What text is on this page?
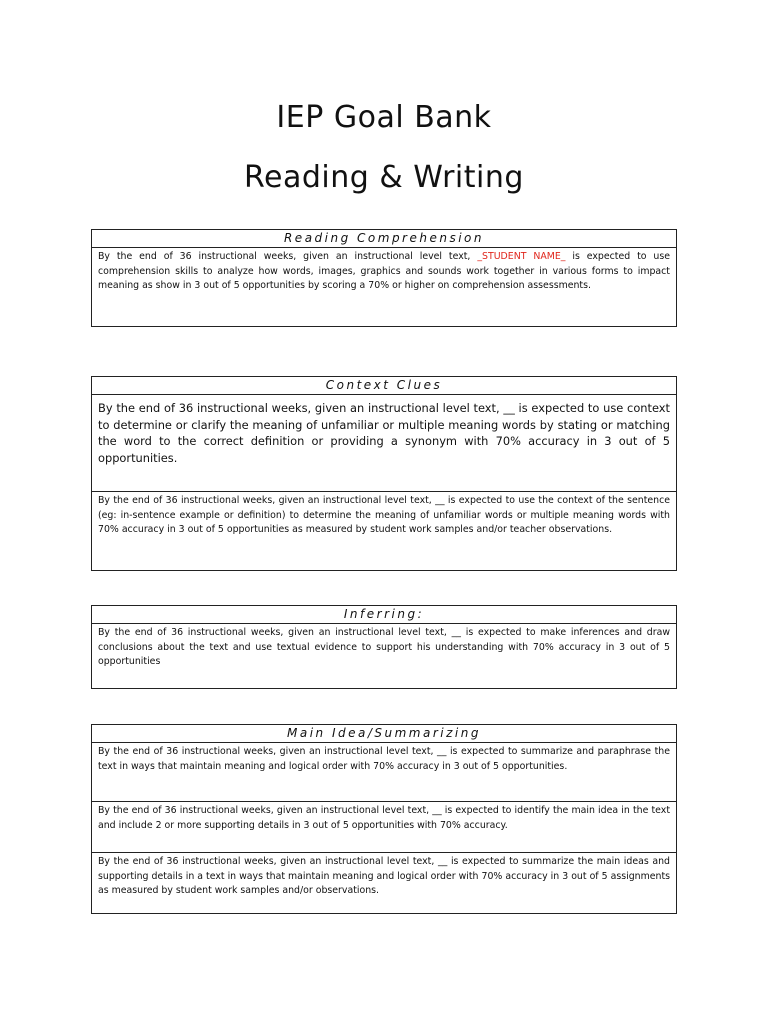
IEP Goal Bank

Reading & Writing

Reading Comprehension
By the end of 36 instructional weeks, given an instructional level text, _STUDENT NAME_ is expected to use comprehension skills to analyze how words, images, graphics and sounds work together in various forms to impact meaning as show in 3 out of 5 opportunities by scoring a 70% or higher on comprehension assessments.
Context Clues
By the end of 36 instructional weeks, given an instructional level text, __ is expected to use context to determine or clarify the meaning of unfamiliar or multiple meaning words by stating or matching the word to the correct definition or providing a synonym with 70% accuracy in 3 out of 5 opportunities.
By the end of 36 instructional weeks, given an instructional level text, __ is expected to use the context of the sentence (eg: in-sentence example or definition) to determine the meaning of unfamiliar words or multiple meaning words with 70% accuracy in 3 out of 5 opportunities as measured by student work samples and/or teacher observations.
Inferring:
By the end of 36 instructional weeks, given an instructional level text, __ is expected to make inferences and draw conclusions about the text and use textual evidence to support his understanding with 70% accuracy in 3 out of 5 opportunities
Main Idea/Summarizing
By the end of 36 instructional weeks, given an instructional level text, __ is expected to summarize and paraphrase the text in ways that maintain meaning and logical order with 70% accuracy in 3 out of 5 opportunities.
By the end of 36 instructional weeks, given an instructional level text, __ is expected to identify the main idea in the text and include 2 or more supporting details in 3 out of 5 opportunities with 70% accuracy.
By the end of 36 instructional weeks, given an instructional level text, __ is expected to summarize the main ideas and supporting details in a text in ways that maintain meaning and logical order with 70% accuracy in 3 out of 5 assignments as measured by student work samples and/or observations.
